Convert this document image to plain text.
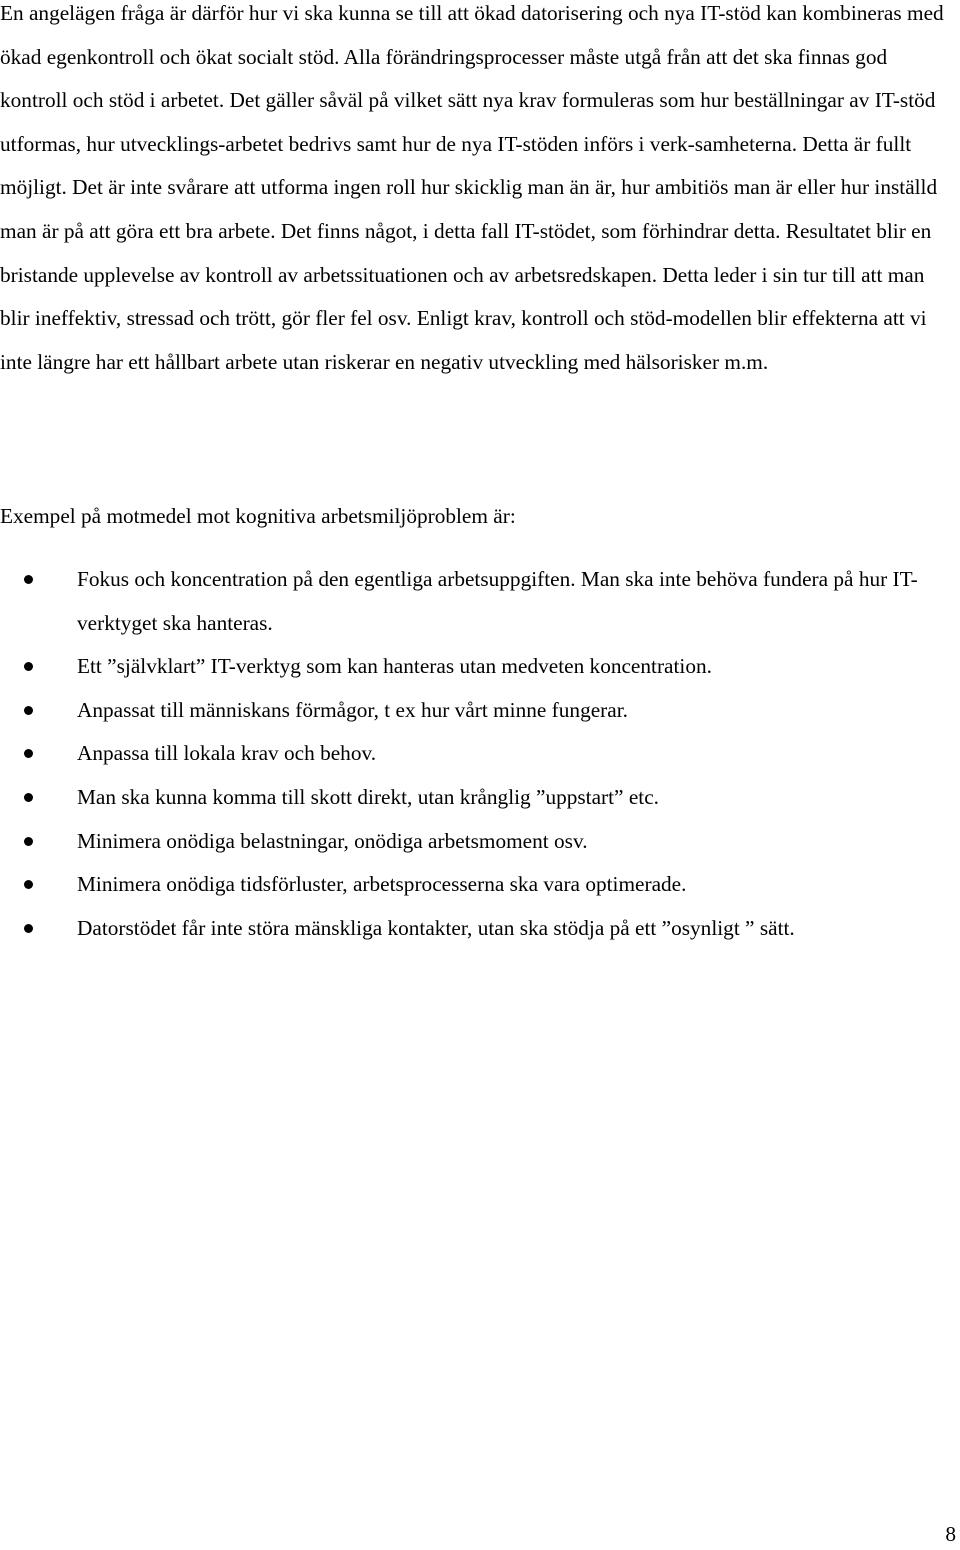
En angelägen fråga är därför hur vi ska kunna se till att ökad datorisering och nya IT-stöd kan kombineras med ökad egenkontroll och ökat socialt stöd. Alla förändringsprocesser måste utgå från att det ska finnas god kontroll och stöd i arbetet. Det gäller såväl på vilket sätt nya krav formuleras som hur beställningar av IT-stöd utformas, hur utvecklings-arbetet bedrivs samt hur de nya IT-stöden införs i verk-samheterna. Detta är fullt möjligt. Det är inte svårare att utforma ingen roll hur skicklig man än är, hur ambitiös man är eller hur inställd man är på att göra ett bra arbete. Det finns något, i detta fall IT-stödet, som förhindrar detta. Resultatet blir en bristande upplevelse av kontroll av arbetssituationen och av arbetsredskapen. Detta leder i sin tur till att man blir ineffektiv, stressad och trött, gör fler fel osv. Enligt krav, kontroll och stöd-modellen blir effekterna att vi inte längre har ett hållbart arbete utan riskerar en negativ utveckling med hälsorisker m.m.

Exempel på motmedel mot kognitiva arbetsmiljöproblem är:

Fokus och koncentration på den egentliga arbetsuppgiften. Man ska inte behöva fundera på hur IT-verktyget ska hanteras.
Ett ”självklart” IT-verktyg som kan hanteras utan medveten koncentration.
Anpassat till människans förmågor, t ex hur vårt minne fungerar.
Anpassa till lokala krav och behov.
Man ska kunna komma till skott direkt, utan krånglig ”uppstart” etc.
Minimera onödiga belastningar, onödiga arbetsmoment osv.
Minimera onödiga tidsförluster, arbetsprocesserna ska vara optimerade.
Datorstödet får inte störa mänskliga kontakter, utan ska stödja på ett ”osynligt ” sätt.
8
